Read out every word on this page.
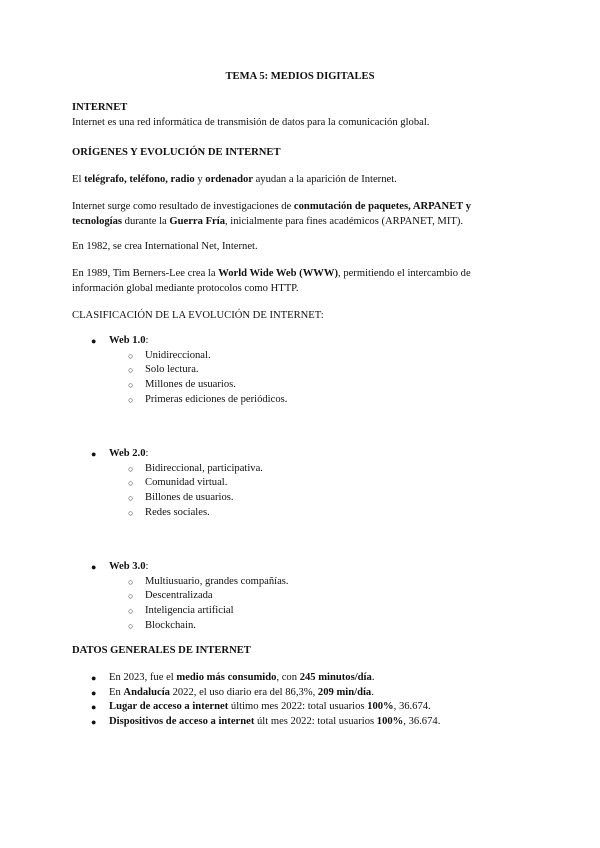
TEMA 5: MEDIOS DIGITALES
INTERNET
Internet es una red informática de transmisión de datos para la comunicación global.
ORÍGENES Y EVOLUCIÓN DE INTERNET
El telégrafo, teléfono, radio y ordenador ayudan a la aparición de Internet.
Internet surge como resultado de investigaciones de conmutación de paquetes, ARPANET y tecnologías durante la Guerra Fría, inicialmente para fines académicos (ARPANET, MIT).
En 1982, se crea International Net, Internet.
En 1989, Tim Berners-Lee crea la World Wide Web (WWW), permitiendo el intercambio de información global mediante protocolos como HTTP.
CLASIFICACIÓN DE LA EVOLUCIÓN DE INTERNET:
● Web 1.0:
○ Unidireccional.
○ Solo lectura.
○ Millones de usuarios.
○ Primeras ediciones de periódicos.
● Web 2.0:
○ Bidireccional, participativa.
○ Comunidad virtual.
○ Billones de usuarios.
○ Redes sociales.
● Web 3.0:
○ Multiusuario, grandes compañías.
○ Descentralizada
○ Inteligencia artificial
○ Blockchain.
DATOS GENERALES DE INTERNET
● En 2023, fue el medio más consumido, con 245 minutos/día.
● En Andalucía 2022, el uso diario era del 86,3%, 209 min/día.
● Lugar de acceso a internet último mes 2022: total usuarios 100%, 36.674.
● Dispositivos de acceso a internet últ mes 2022: total usuarios 100%, 36.674.
